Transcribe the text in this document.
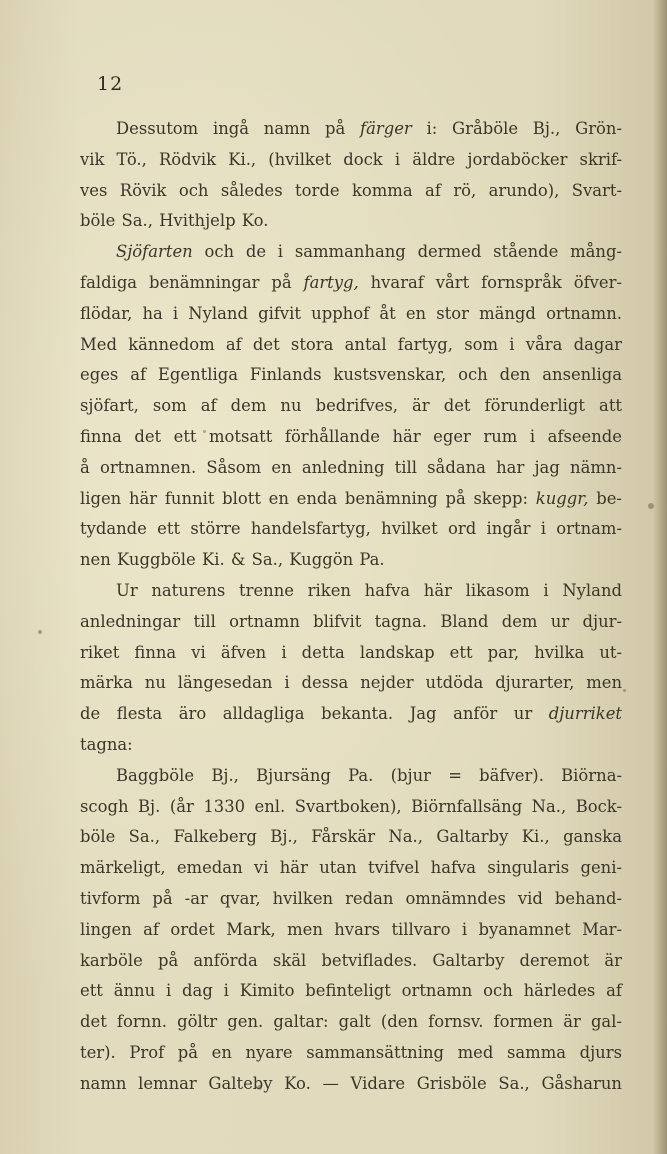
12
Dessutom ingå namn på färger i: Gråböle Bj., Grön-
vik Tö., Rödvik Ki., (hvilket dock i äldre jordaböcker skrif-
ves Rövik och således torde komma af rö, arundo), Svart-
böle Sa., Hvithjelp Ko.
Sjöfarten och de i sammanhang dermed stående mång-
faldiga benämningar på fartyg, hvaraf vårt fornspråk öfver-
flödar, ha i Nyland gifvit upphof åt en stor mängd ortnamn.
Med kännedom af det stora antal fartyg, som i våra dagar
eges af Egentliga Finlands kustsvenskar, och den ansenliga
sjöfart, som af dem nu bedrifves, är det förunderligt att
finna det ett motsatt förhållande här eger rum i afseende
å ortnamnen. Såsom en anledning till sådana har jag nämn-
ligen här funnit blott en enda benämning på skepp: kuggr, be-
tydande ett större handelsfartyg, hvilket ord ingår i ortnam-
nen Kuggböle Ki. & Sa., Kuggön Pa.
Ur naturens trenne riken hafva här likasom i Nyland
anledningar till ortnamn blifvit tagna. Bland dem ur djur-
riket finna vi äfven i detta landskap ett par, hvilka ut-
märka nu längesedan i dessa nejder utdöda djurarter, men
de flesta äro alldagliga bekanta. Jag anför ur djurriket
tagna:
Baggböle Bj., Bjursäng Pa. (bjur = bäfver). Biörna-
scogh Bj. (år 1330 enl. Svartboken), Biörnfallsäng Na., Bock-
böle Sa., Falkeberg Bj., Fårskär Na., Galtarby Ki., ganska
märkeligt, emedan vi här utan tvifvel hafva singularis geni-
tivform på -ar qvar, hvilken redan omnämndes vid behand-
lingen af ordet Mark, men hvars tillvaro i byanamnet Mar-
karböle på anförda skäl betviflades. Galtarby deremot är
ett ännu i dag i Kimito befinteligt ortnamn och härledes af
det fornn. göltr gen. galtar: galt (den fornsv. formen är gal-
ter). Prof på en nyare sammansättning med samma djurs
namn lemnar Galteby Ko. — Vidare Grisböle Sa., Gåsharun
